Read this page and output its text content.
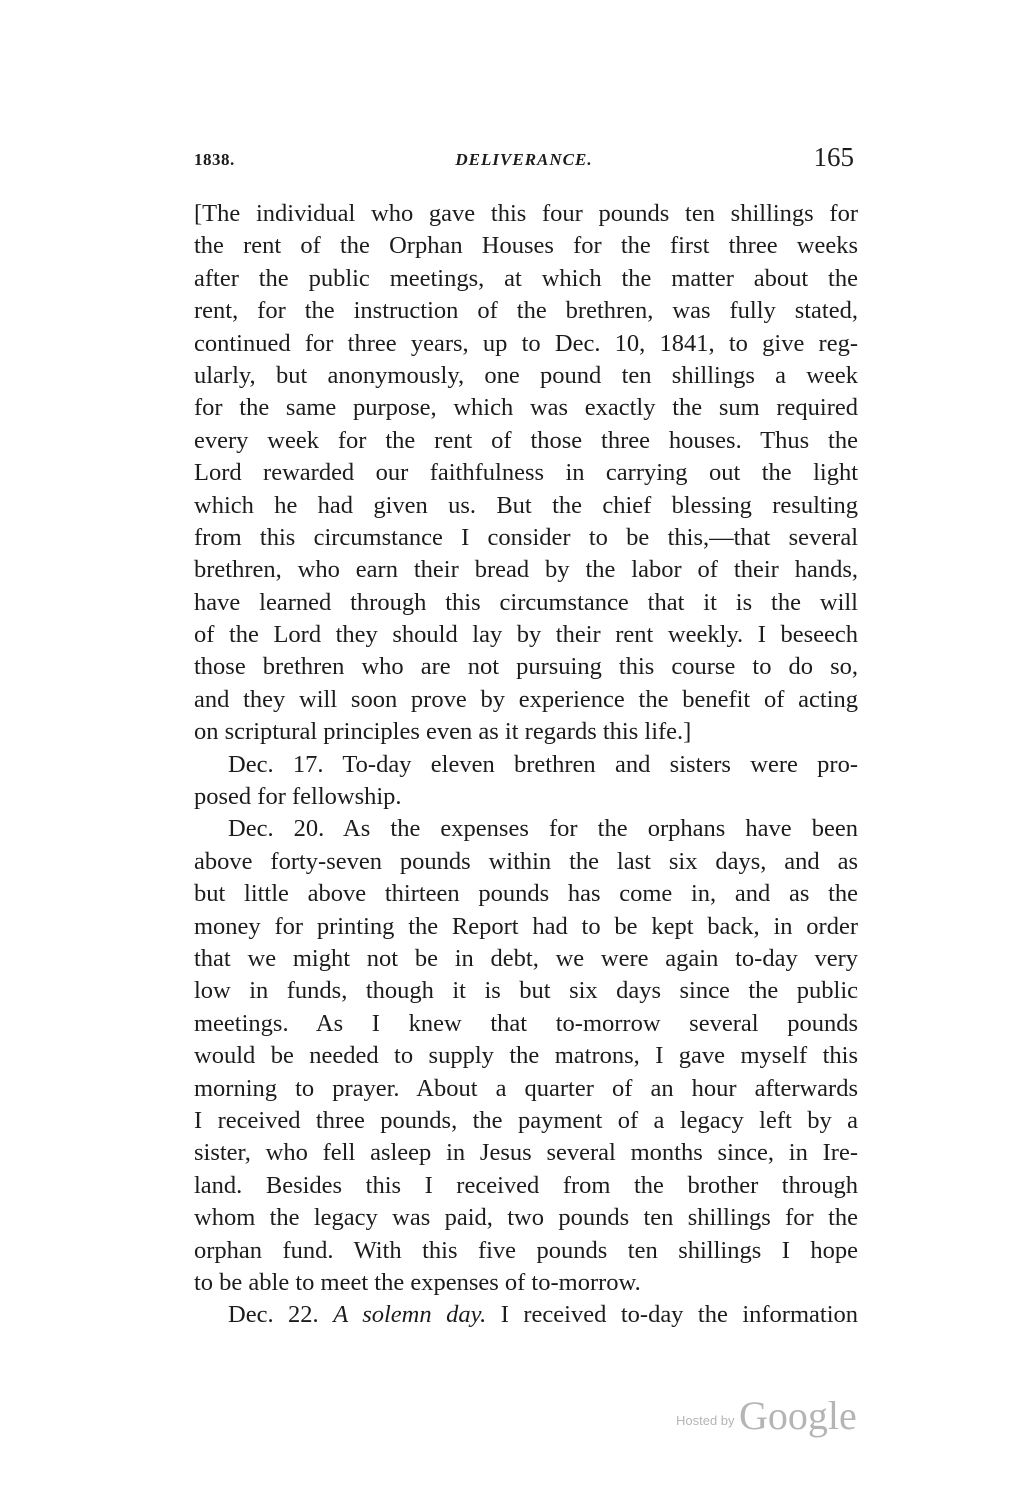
1838.	DELIVERANCE.	165
[The individual who gave this four pounds ten shillings for
the rent of the Orphan Houses for the first three weeks
after the public meetings, at which the matter about the
rent, for the instruction of the brethren, was fully stated,
continued for three years, up to Dec. 10, 1841, to give reg-
ularly, but anonymously, one pound ten shillings a week
for the same purpose, which was exactly the sum required
every week for the rent of those three houses. Thus the
Lord rewarded our faithfulness in carrying out the light
which he had given us. But the chief blessing resulting
from this circumstance I consider to be this,—that several
brethren, who earn their bread by the labor of their hands,
have learned through this circumstance that it is the will
of the Lord they should lay by their rent weekly. I beseech
those brethren who are not pursuing this course to do so,
and they will soon prove by experience the benefit of acting
on scriptural principles even as it regards this life.]
Dec. 17. To-day eleven brethren and sisters were pro-
posed for fellowship.
Dec. 20. As the expenses for the orphans have been
above forty-seven pounds within the last six days, and as
but little above thirteen pounds has come in, and as the
money for printing the Report had to be kept back, in order
that we might not be in debt, we were again to-day very
low in funds, though it is but six days since the public
meetings. As I knew that to-morrow several pounds
would be needed to supply the matrons, I gave myself this
morning to prayer. About a quarter of an hour afterwards
I received three pounds, the payment of a legacy left by a
sister, who fell asleep in Jesus several months since, in Ire-
land. Besides this I received from the brother through
whom the legacy was paid, two pounds ten shillings for the
orphan fund. With this five pounds ten shillings I hope
to be able to meet the expenses of to-morrow.
Dec. 22. A solemn day. I received to-day the information
$^{Hosted by}$ Google
